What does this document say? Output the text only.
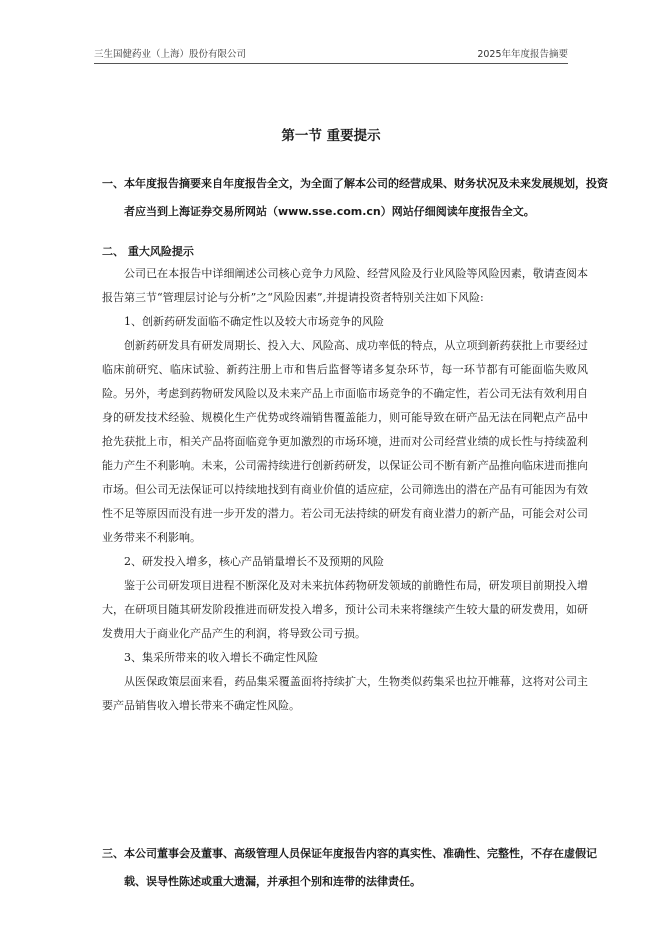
三生国健药业（上海）股份有限公司	2025年年度报告摘要
第一节 重要提示
一、本年度报告摘要来自年度报告全文，为全面了解本公司的经营成果、财务状况及未来发展规划，投资者应当到上海证券交易所网站（www.sse.com.cn）网站仔细阅读年度报告全文。
二、 重大风险提示

公司已在本报告中详细阐述公司核心竞争力风险、经营风险及行业风险等风险因素，敬请查阅本报告第三节“管理层讨论与分析”之“风险因素”,并提请投资者特别关注如下风险:

1、创新药研发面临不确定性以及较大市场竞争的风险

创新药研发具有研发周期长、投入大、风险高、成功率低的特点，从立项到新药获批上市要经过临床前研究、临床试验、新药注册上市和售后监督等诸多复杂环节，每一环节都有可能面临失败风险。另外，考虑到药物研发风险以及未来产品上市面临市场竞争的不确定性，若公司无法有效利用自身的研发技术经验、规模化生产优势或终端销售覆盖能力，则可能导致在研产品无法在同靶点产品中抢先获批上市，相关产品将面临竞争更加激烈的市场环境，进而对公司经营业绩的成长性与持续盈利能力产生不利影响。未来，公司需持续进行创新药研发，以保证公司不断有新产品推向临床进而推向市场。但公司无法保证可以持续地找到有商业价值的适应症，公司筛选出的潜在产品有可能因为有效性不足等原因而没有进一步开发的潜力。若公司无法持续的研发有商业潜力的新产品，可能会对公司业务带来不利影响。

2、研发投入增多，核心产品销量增长不及预期的风险

鉴于公司研发项目进程不断深化及对未来抗体药物研发领域的前瞻性布局，研发项目前期投入增大，在研项目随其研发阶段推进而研发投入增多，预计公司未来将继续产生较大量的研发费用，如研发费用大于商业化产品产生的利润，将导致公司亏损。

3、集采所带来的收入增长不确定性风险

从医保政策层面来看，药品集采覆盖面将持续扩大，生物类似药集采也拉开帷幕，这将对公司主要产品销售收入增长带来不确定性风险。

三、本公司董事会及董事、高级管理人员保证年度报告内容的真实性、准确性、完整性，不存在虚假记载、误导性陈述或重大遗漏，并承担个别和连带的法律责任。
